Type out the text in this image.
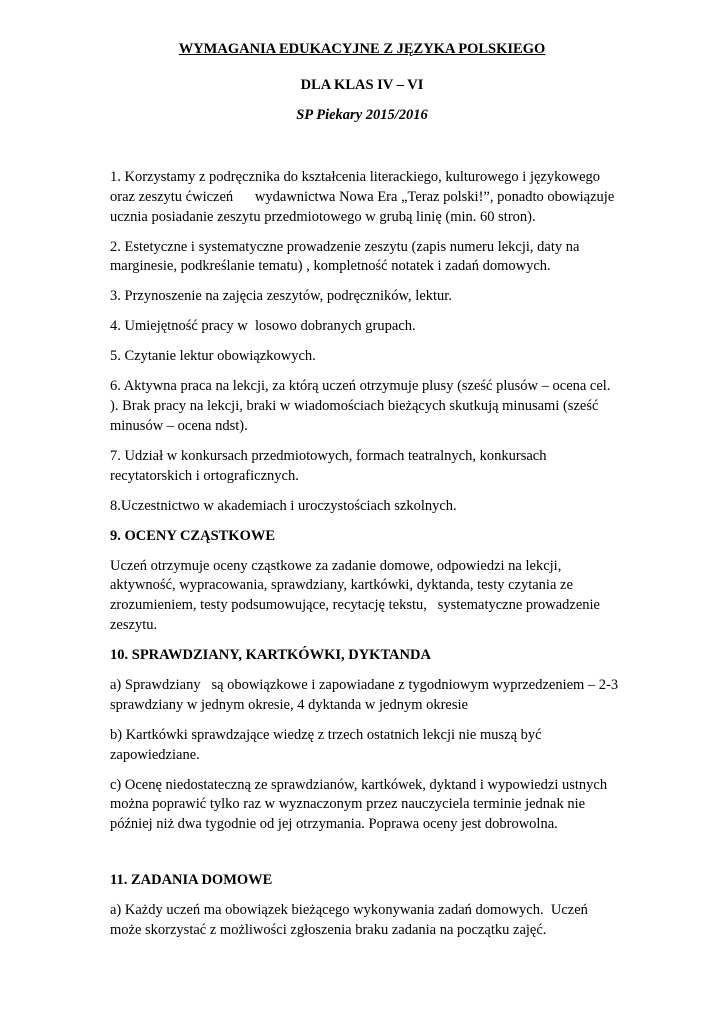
WYMAGANIA EDUKACYJNE Z JĘZYKA POLSKIEGO
DLA KLAS IV – VI
SP Piekary 2015/2016

1. Korzystamy z podręcznika do kształcenia literackiego, kulturowego i językowego oraz zeszytu ćwiczeń      wydawnictwa Nowa Era „Teraz polski!”, ponadto obowiązuje ucznia posiadanie zeszytu przedmiotowego w grubą linię (min. 60 stron).

2. Estetyczne i systematyczne prowadzenie zeszytu (zapis numeru lekcji, daty na marginesie, podkreślanie tematu) , kompletność notatek i zadań domowych.

3. Przynoszenie na zajęcia zeszytów, podręczników, lektur.

4. Umiejętność pracy w  losowo dobranych grupach.

5. Czytanie lektur obowiązkowych.

6. Aktywna praca na lekcji, za którą uczeń otrzymuje plusy (sześć plusów – ocena cel. ). Brak pracy na lekcji, braki w wiadomościach bieżących skutkują minusami (sześć minusów – ocena ndst).

7. Udział w konkursach przedmiotowych, formach teatralnych, konkursach recytatorskich i ortograficznych.

8.Uczestnictwo w akademiach i uroczystościach szkolnych.

9. OCENY CZĄSTKOWE

Uczeń otrzymuje oceny cząstkowe za zadanie domowe, odpowiedzi na lekcji, aktywność, wypracowania, sprawdziany, kartkówki, dyktanda, testy czytania ze zrozumieniem, testy podsumowujące, recytację tekstu,   systematyczne prowadzenie zeszytu.

10. SPRAWDZIANY, KARTKÓWKI, DYKTANDA

a) Sprawdziany   są obowiązkowe i zapowiadane z tygodniowym wyprzedzeniem – 2-3 sprawdziany w jednym okresie, 4 dyktanda w jednym okresie

b) Kartkówki sprawdzające wiedzę z trzech ostatnich lekcji nie muszą być zapowiedziane.

c) Ocenę niedostateczną ze sprawdzianów, kartkówek, dyktand i wypowiedzi ustnych można poprawić tylko raz w wyznaczonym przez nauczyciela terminie jednak nie później niż dwa tygodnie od jej otrzymania. Poprawa oceny jest dobrowolna.

11. ZADANIA DOMOWE

a) Każdy uczeń ma obowiązek bieżącego wykonywania zadań domowych.  Uczeń może skorzystać z możliwości zgłoszenia braku zadania na początku zajęć.
